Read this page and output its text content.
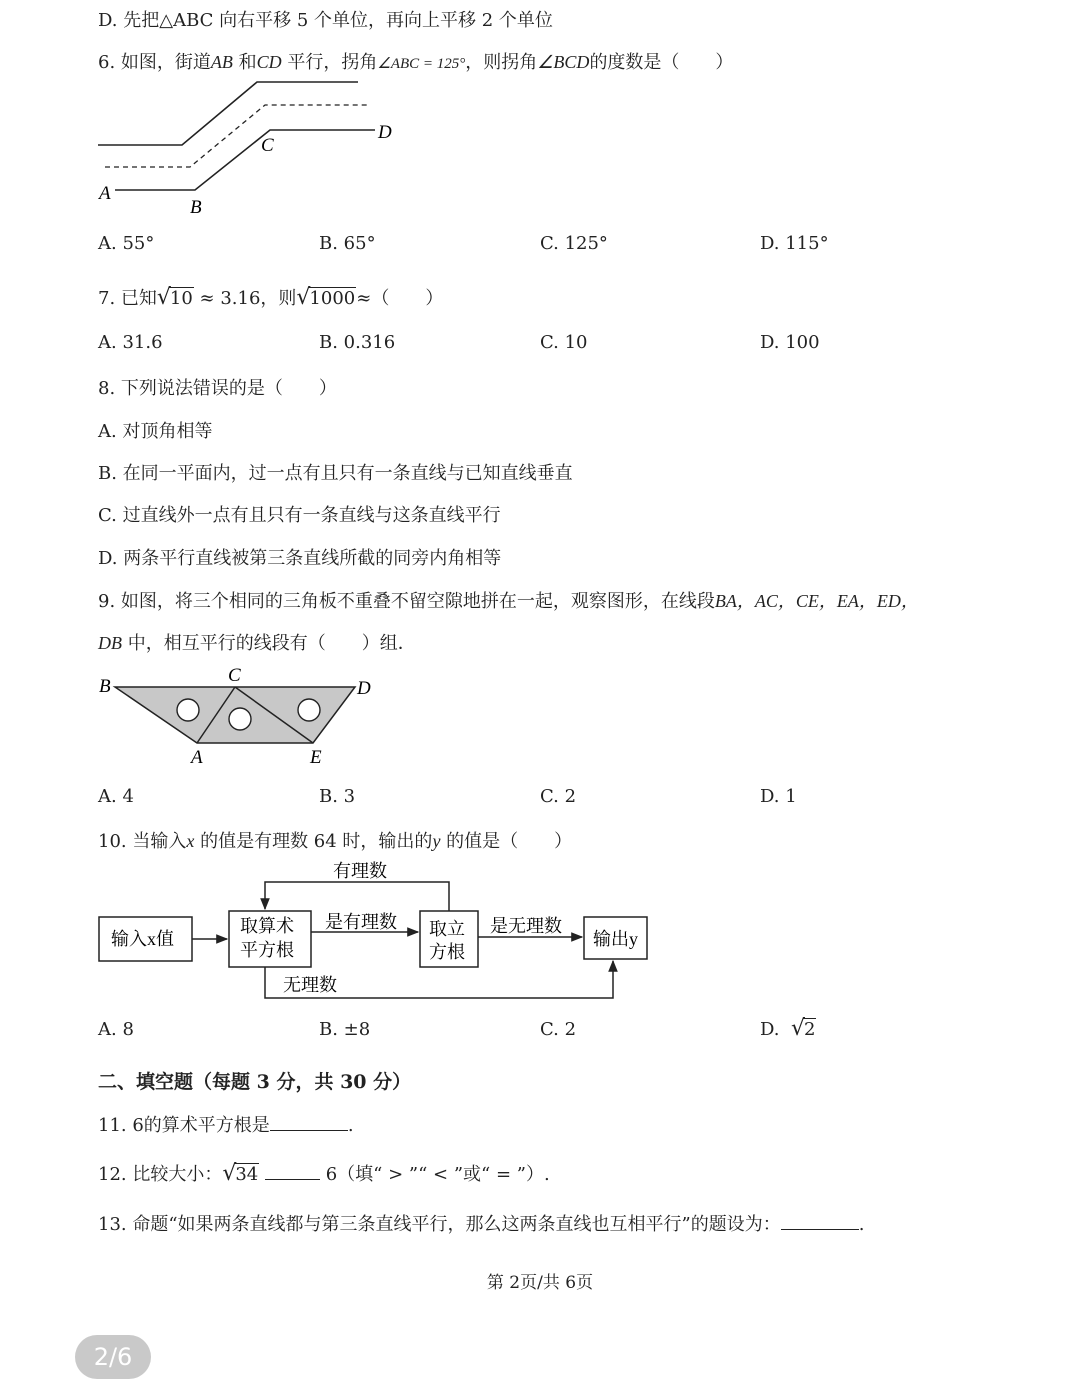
D. 先把△ABC 向右平移 5 个单位，再向上平移 2 个单位
6. 如图，街道AB 和CD 平行，拐角∠ABC = 125°，则拐角∠BCD的度数是（　　）
A
B
C
D
A. 55°	B. 65°	C. 125°	D. 115°
7. 已知 √ 10 ≈ 3.16，则 √ 1000≈（　　）
A. 31.6	B. 0.316	C. 10	D. 100
8. 下列说法错误的是（　　）
A. 对顶角相等
B. 在同一平面内，过一点有且只有一条直线与已知直线垂直
C. 过直线外一点有且只有一条直线与这条直线平行
D. 两条平行直线被第三条直线所截的同旁内角相等
9. 如图，将三个相同的三角板不重叠不留空隙地拼在一起，观察图形，在线段BA，AC，CE，EA，ED，
DB 中，相互平行的线段有（　　）组．
B
C
D
A	E
A. 4	B. 3	C. 2	D. 1
10. 当输入x 的值是有理数 64 时，输出的y 的值是（　　）
输入x值
取算术
平方根
取立
方根
输出y
有理数
是有理数	是无理数
无理数
A. 8	B. ±8	C. 2	D. √ 2
二、填空题（每题 3 分，共 30 分）
11. 6的算术平方根是	.
12. 比较大小： √ 34	6（填“ > ”“ < ”或“ = ”）.
13. 命题“如果两条直线都与第三条直线平行，那么这两条直线也互相平行”的题设为：	.
第 2页/共 6页
2/6
